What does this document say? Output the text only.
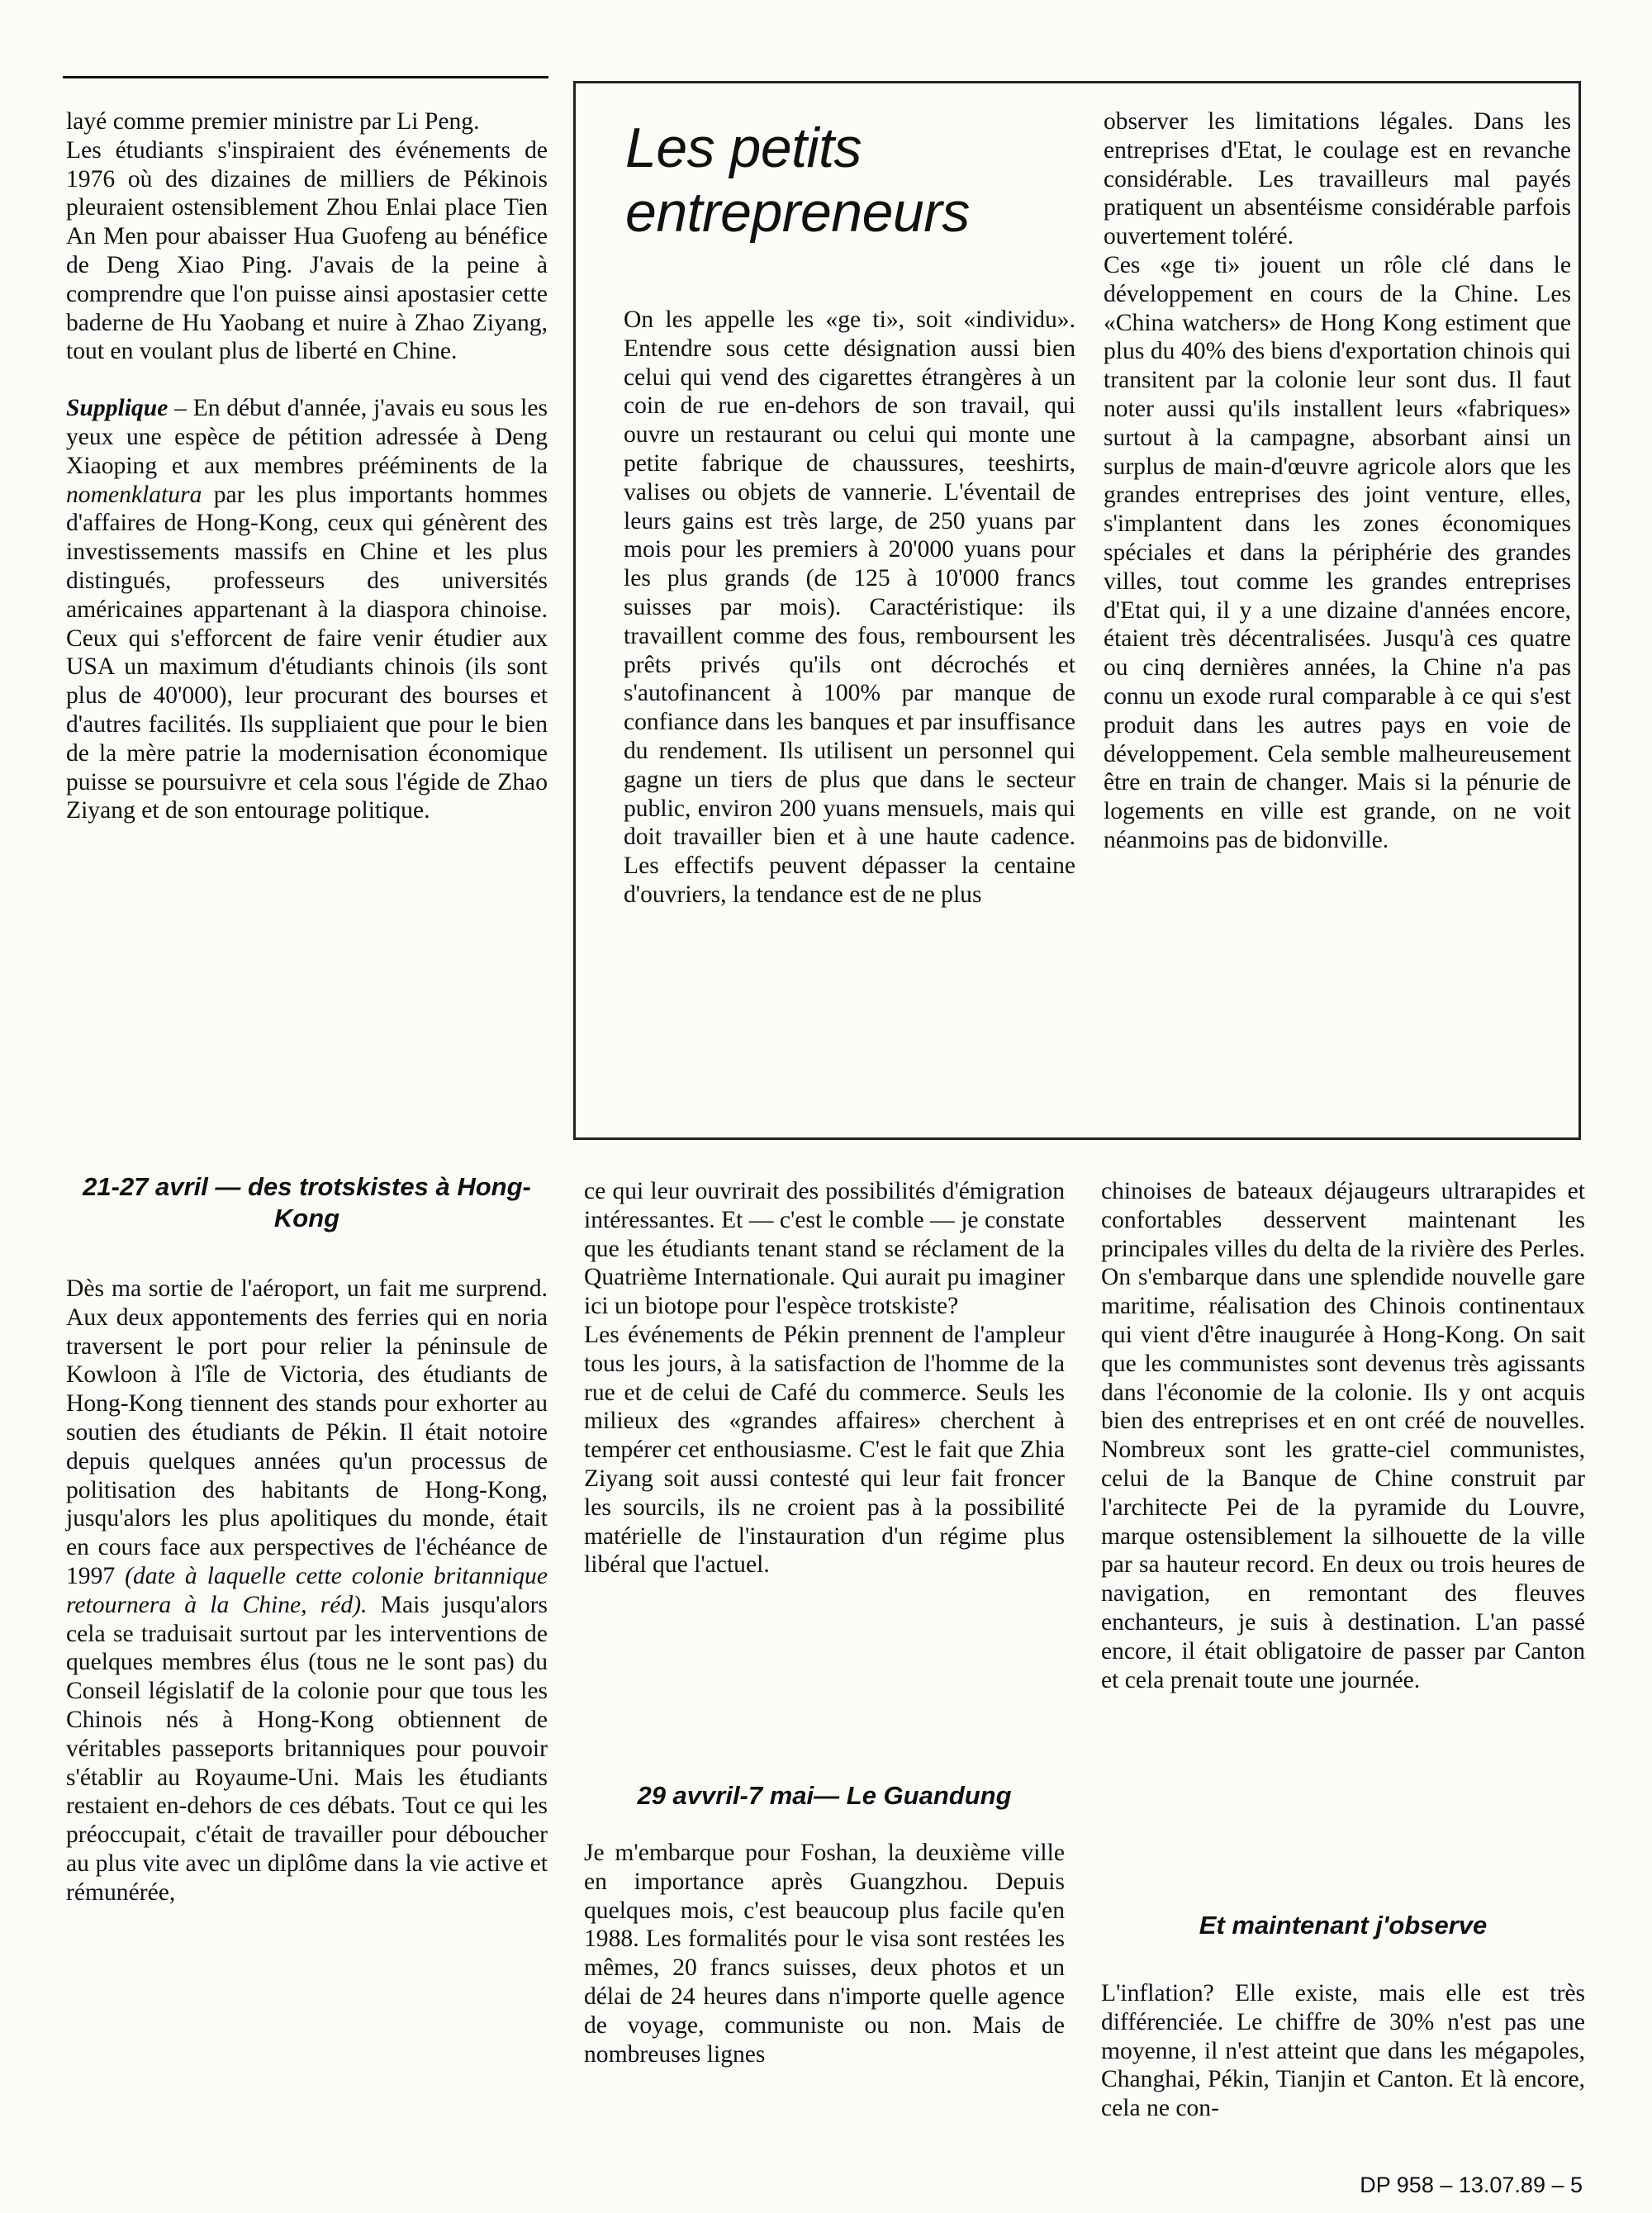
layé comme premier ministre par Li Peng.

Les étudiants s'inspiraient des événements de 1976 où des dizaines de milliers de Pékinois pleuraient ostensiblement Zhou Enlai place Tien An Men pour abaisser Hua Guofeng au bénéfice de Deng Xiao Ping. J'avais de la peine à comprendre que l'on puisse ainsi apostasier cette baderne de Hu Yaobang et nuire à Zhao Ziyang, tout en voulant plus de liberté en Chine.

Supplique – En début d'année, j'avais eu sous les yeux une espèce de pétition adressée à Deng Xiaoping et aux membres prééminents de la nomenklatura par les plus importants hommes d'affaires de Hong-Kong, ceux qui génèrent des investissements massifs en Chine et les plus distingués, professeurs des universités américaines appartenant à la diaspora chinoise. Ceux qui s'efforcent de faire venir étudier aux USA un maximum d'étudiants chinois (ils sont plus de 40'000), leur procurant des bourses et d'autres facilités. Ils suppliaient que pour le bien de la mère patrie la modernisation économique puisse se poursuivre et cela sous l'égide de Zhao Ziyang et de son entourage politique.

21-27 avril — des trotskistes à Hong-Kong

Dès ma sortie de l'aéroport, un fait me surprend. Aux deux appontements des ferries qui en noria traversent le port pour relier la péninsule de Kowloon à l'île de Victoria, des étudiants de Hong-Kong tiennent des stands pour exhorter au soutien des étudiants de Pékin. Il était notoire depuis quelques années qu'un processus de politisation des habitants de Hong-Kong, jusqu'alors les plus apolitiques du monde, était en cours face aux perspectives de l'échéance de 1997 (date à laquelle cette colonie britannique retournera à la Chine, réd). Mais jusqu'alors cela se traduisait surtout par les interventions de quelques membres élus (tous ne le sont pas) du Conseil législatif de la colonie pour que tous les Chinois nés à Hong-Kong obtiennent de véritables passeports britanniques pour pouvoir s'établir au Royaume-Uni. Mais les étudiants restaient en-dehors de ces débats. Tout ce qui les préoccupait, c'était de travailler pour déboucher au plus vite avec un diplôme dans la vie active et rémunérée,

Les petits entrepreneurs

On les appelle les «ge ti», soit «individu». Entendre sous cette désignation aussi bien celui qui vend des cigarettes étrangères à un coin de rue en-dehors de son travail, qui ouvre un restaurant ou celui qui monte une petite fabrique de chaussures, teeshirts, valises ou objets de vannerie. L'éventail de leurs gains est très large, de 250 yuans par mois pour les premiers à 20'000 yuans pour les plus grands (de 125 à 10'000 francs suisses par mois). Caractéristique: ils travaillent comme des fous, remboursent les prêts privés qu'ils ont décrochés et s'autofinancent à 100% par manque de confiance dans les banques et par insuffisance du rendement. Ils utilisent un personnel qui gagne un tiers de plus que dans le secteur public, environ 200 yuans mensuels, mais qui doit travailler bien et à une haute cadence. Les effectifs peuvent dépasser la centaine d'ouvriers, la tendance est de ne plus

observer les limitations légales. Dans les entreprises d'Etat, le coulage est en revanche considérable. Les travailleurs mal payés pratiquent un absentéisme considérable parfois ouvertement toléré.

Ces «ge ti» jouent un rôle clé dans le développement en cours de la Chine. Les «China watchers» de Hong Kong estiment que plus du 40% des biens d'exportation chinois qui transitent par la colonie leur sont dus. Il faut noter aussi qu'ils installent leurs «fabriques» surtout à la campagne, absorbant ainsi un surplus de main-d'œuvre agricole alors que les grandes entreprises des joint venture, elles, s'implantent dans les zones économiques spéciales et dans la périphérie des grandes villes, tout comme les grandes entreprises d'Etat qui, il y a une dizaine d'années encore, étaient très décentralisées. Jusqu'à ces quatre ou cinq dernières années, la Chine n'a pas connu un exode rural comparable à ce qui s'est produit dans les autres pays en voie de développement. Cela semble malheureusement être en train de changer. Mais si la pénurie de logements en ville est grande, on ne voit néanmoins pas de bidonville.

ce qui leur ouvrirait des possibilités d'émigration intéressantes. Et — c'est le comble — je constate que les étudiants tenant stand se réclament de la Quatrième Internationale. Qui aurait pu imaginer ici un biotope pour l'espèce trotskiste?

Les événements de Pékin prennent de l'ampleur tous les jours, à la satisfaction de l'homme de la rue et de celui de Café du commerce. Seuls les milieux des «grandes affaires» cherchent à tempérer cet enthousiasme. C'est le fait que Zhia Ziyang soit aussi contesté qui leur fait froncer les sourcils, ils ne croient pas à la possibilité matérielle de l'instauration d'un régime plus libéral que l'actuel.

29 avvril-7 mai— Le Guandung

Je m'embarque pour Foshan, la deuxième ville en importance après Guangzhou. Depuis quelques mois, c'est beaucoup plus facile qu'en 1988. Les formalités pour le visa sont restées les mêmes, 20 francs suisses, deux photos et un délai de 24 heures dans n'importe quelle agence de voyage, communiste ou non. Mais de nombreuses lignes

chinoises de bateaux déjaugeurs ultrarapides et confortables desservent maintenant les principales villes du delta de la rivière des Perles. On s'embarque dans une splendide nouvelle gare maritime, réalisation des Chinois continentaux qui vient d'être inaugurée à Hong-Kong. On sait que les communistes sont devenus très agissants dans l'économie de la colonie. Ils y ont acquis bien des entreprises et en ont créé de nouvelles. Nombreux sont les gratte-ciel communistes, celui de la Banque de Chine construit par l'architecte Pei de la pyramide du Louvre, marque ostensiblement la silhouette de la ville par sa hauteur record. En deux ou trois heures de navigation, en remontant des fleuves enchanteurs, je suis à destination. L'an passé encore, il était obligatoire de passer par Canton et cela prenait toute une journée.

Et maintenant j'observe

L'inflation? Elle existe, mais elle est très différenciée. Le chiffre de 30% n'est pas une moyenne, il n'est atteint que dans les mégapoles, Changhai, Pékin, Tianjin et Canton. Et là encore, cela ne con-

DP 958 – 13.07.89 – 5
